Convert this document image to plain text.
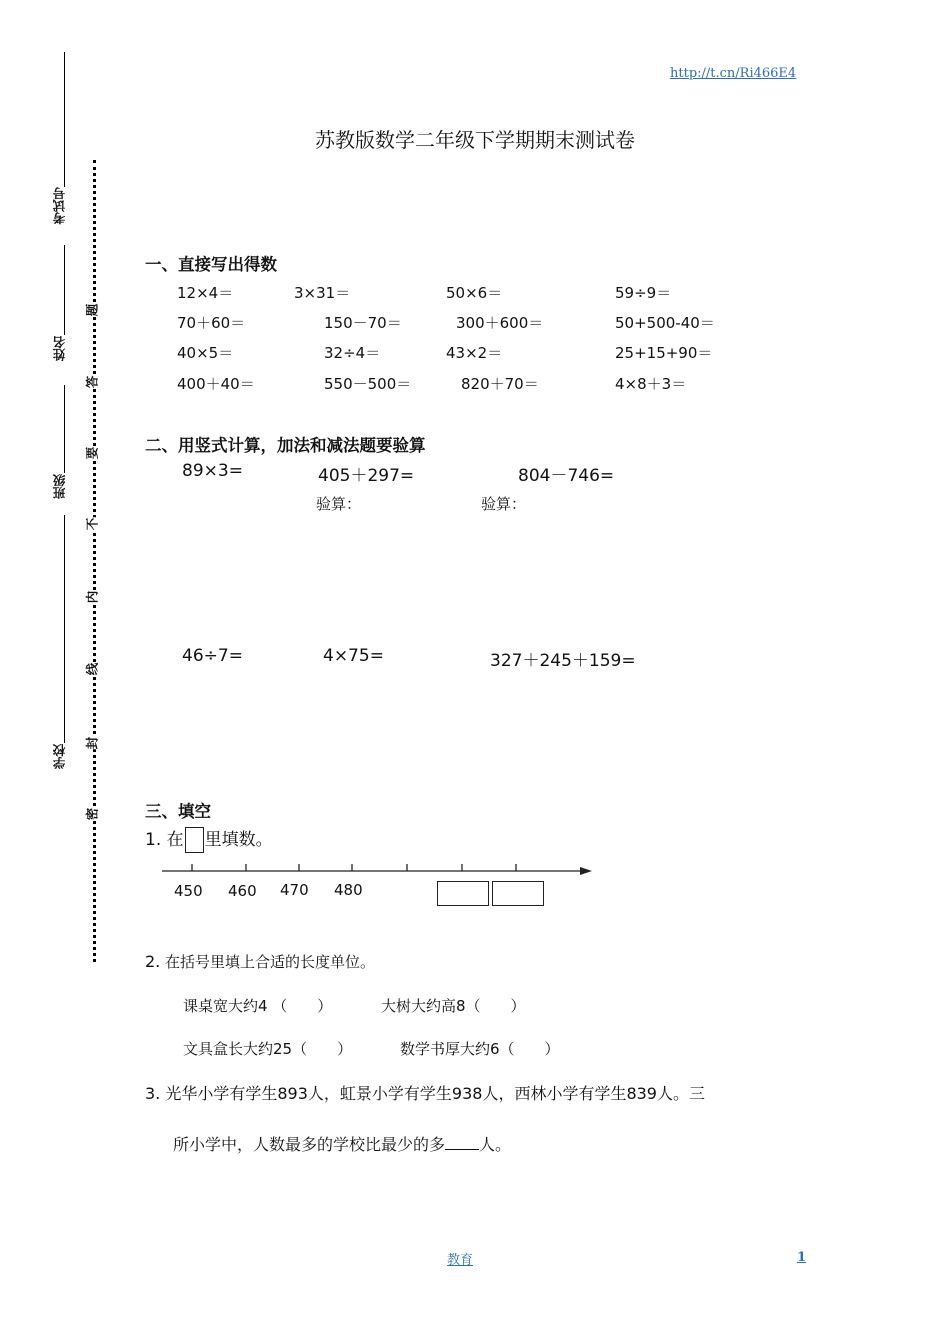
http://t.cn/Ri466E4
苏教版数学二年级下学期期末测试卷
考试号
姓名
班级
学校
题
答
要
不
内
线
封
密
一、直接写出得数
12×4＝	3×31＝	50×6＝	59÷9＝
70＋60＝	150－70＝	300＋600＝	50+500-40＝
40×5＝	32÷4＝	43×2＝	25+15+90＝
400＋40＝	550－500＝	820＋70＝	4×8＋3＝
二、用竖式计算，加法和减法题要验算
89×3=	405＋297=	804－746=
验算：	验算：
46÷7=	4×75=	327＋245＋159=
三、填空
1. 在 里填数。
450 460 470 480
2. 在括号里填上合适的长度单位。
课桌宽大约4 （　　）	大树大约高8（　　）
文具盒长大约25（　　）	数学书厚大约6（　　）
3. 光华小学有学生893人，虹景小学有学生938人，西林小学有学生839人。三
所小学中，人数最多的学校比最少的多 人。
教育	1
